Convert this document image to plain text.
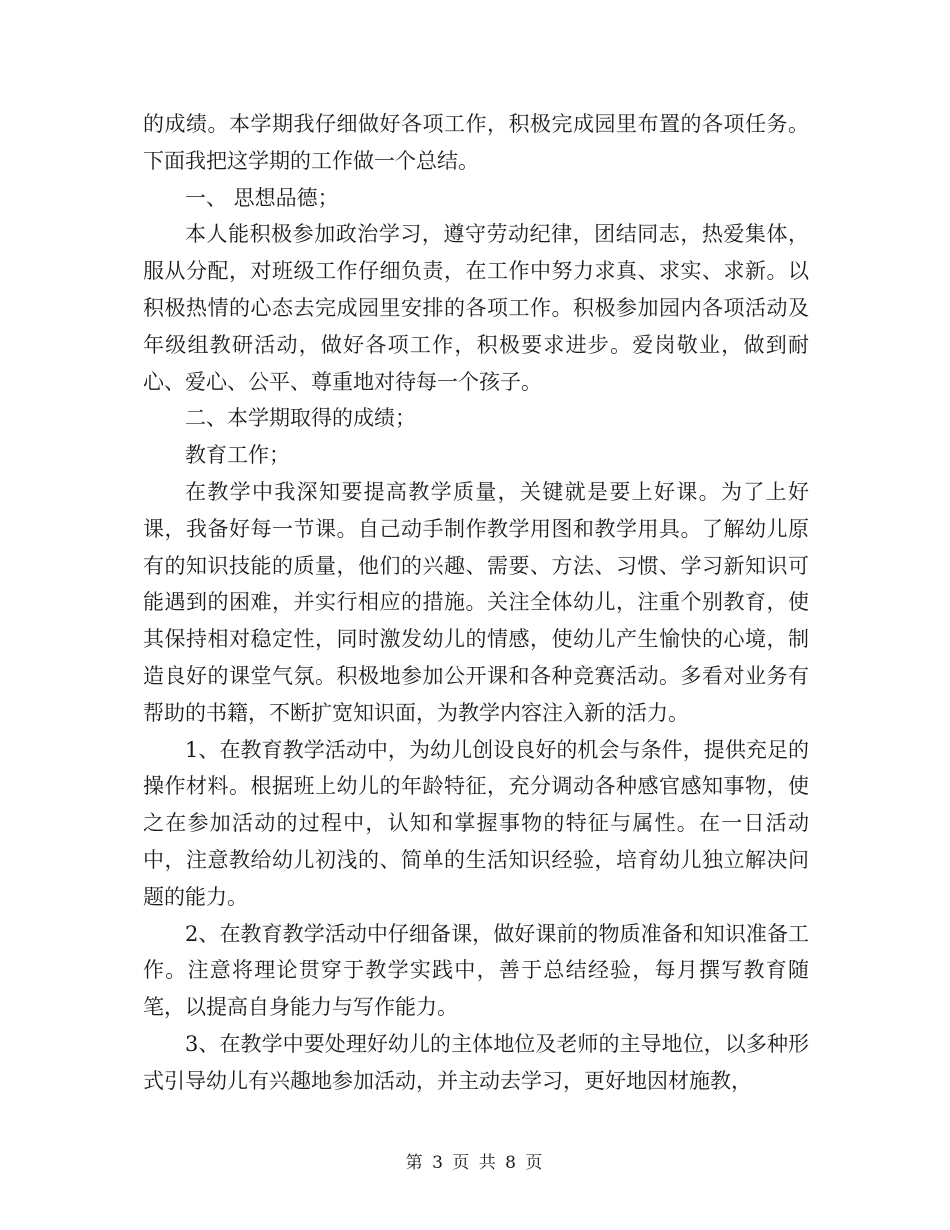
的成绩。本学期我仔细做好各项工作，积极完成园里布置的各项任务。下面我把这学期的工作做一个总结。

一、 思想品德；

本人能积极参加政治学习，遵守劳动纪律，团结同志，热爱集体，服从分配，对班级工作仔细负责，在工作中努力求真、求实、求新。以积极热情的心态去完成园里安排的各项工作。积极参加园内各项活动及年级组教研活动，做好各项工作，积极要求进步。爱岗敬业，做到耐心、爱心、公平、尊重地对待每一个孩子。

二、本学期取得的成绩；

教育工作；

在教学中我深知要提高教学质量，关键就是要上好课。为了上好课，我备好每一节课。自己动手制作教学用图和教学用具。了解幼儿原有的知识技能的质量，他们的兴趣、需要、方法、习惯、学习新知识可能遇到的困难，并实行相应的措施。关注全体幼儿，注重个别教育，使其保持相对稳定性，同时激发幼儿的情感，使幼儿产生愉快的心境，制造良好的课堂气氛。积极地参加公开课和各种竞赛活动。多看对业务有帮助的书籍，不断扩宽知识面，为教学内容注入新的活力。

1、在教育教学活动中，为幼儿创设良好的机会与条件，提供充足的操作材料。根据班上幼儿的年龄特征，充分调动各种感官感知事物，使之在参加活动的过程中，认知和掌握事物的特征与属性。在一日活动中，注意教给幼儿初浅的、简单的生活知识经验，培育幼儿独立解决问题的能力。

2、在教育教学活动中仔细备课，做好课前的物质准备和知识准备工作。注意将理论贯穿于教学实践中，善于总结经验，每月撰写教育随笔，以提高自身能力与写作能力。

3、在教学中要处理好幼儿的主体地位及老师的主导地位，以多种形式引导幼儿有兴趣地参加活动，并主动去学习，更好地因材施教，

第 3 页 共 8 页
